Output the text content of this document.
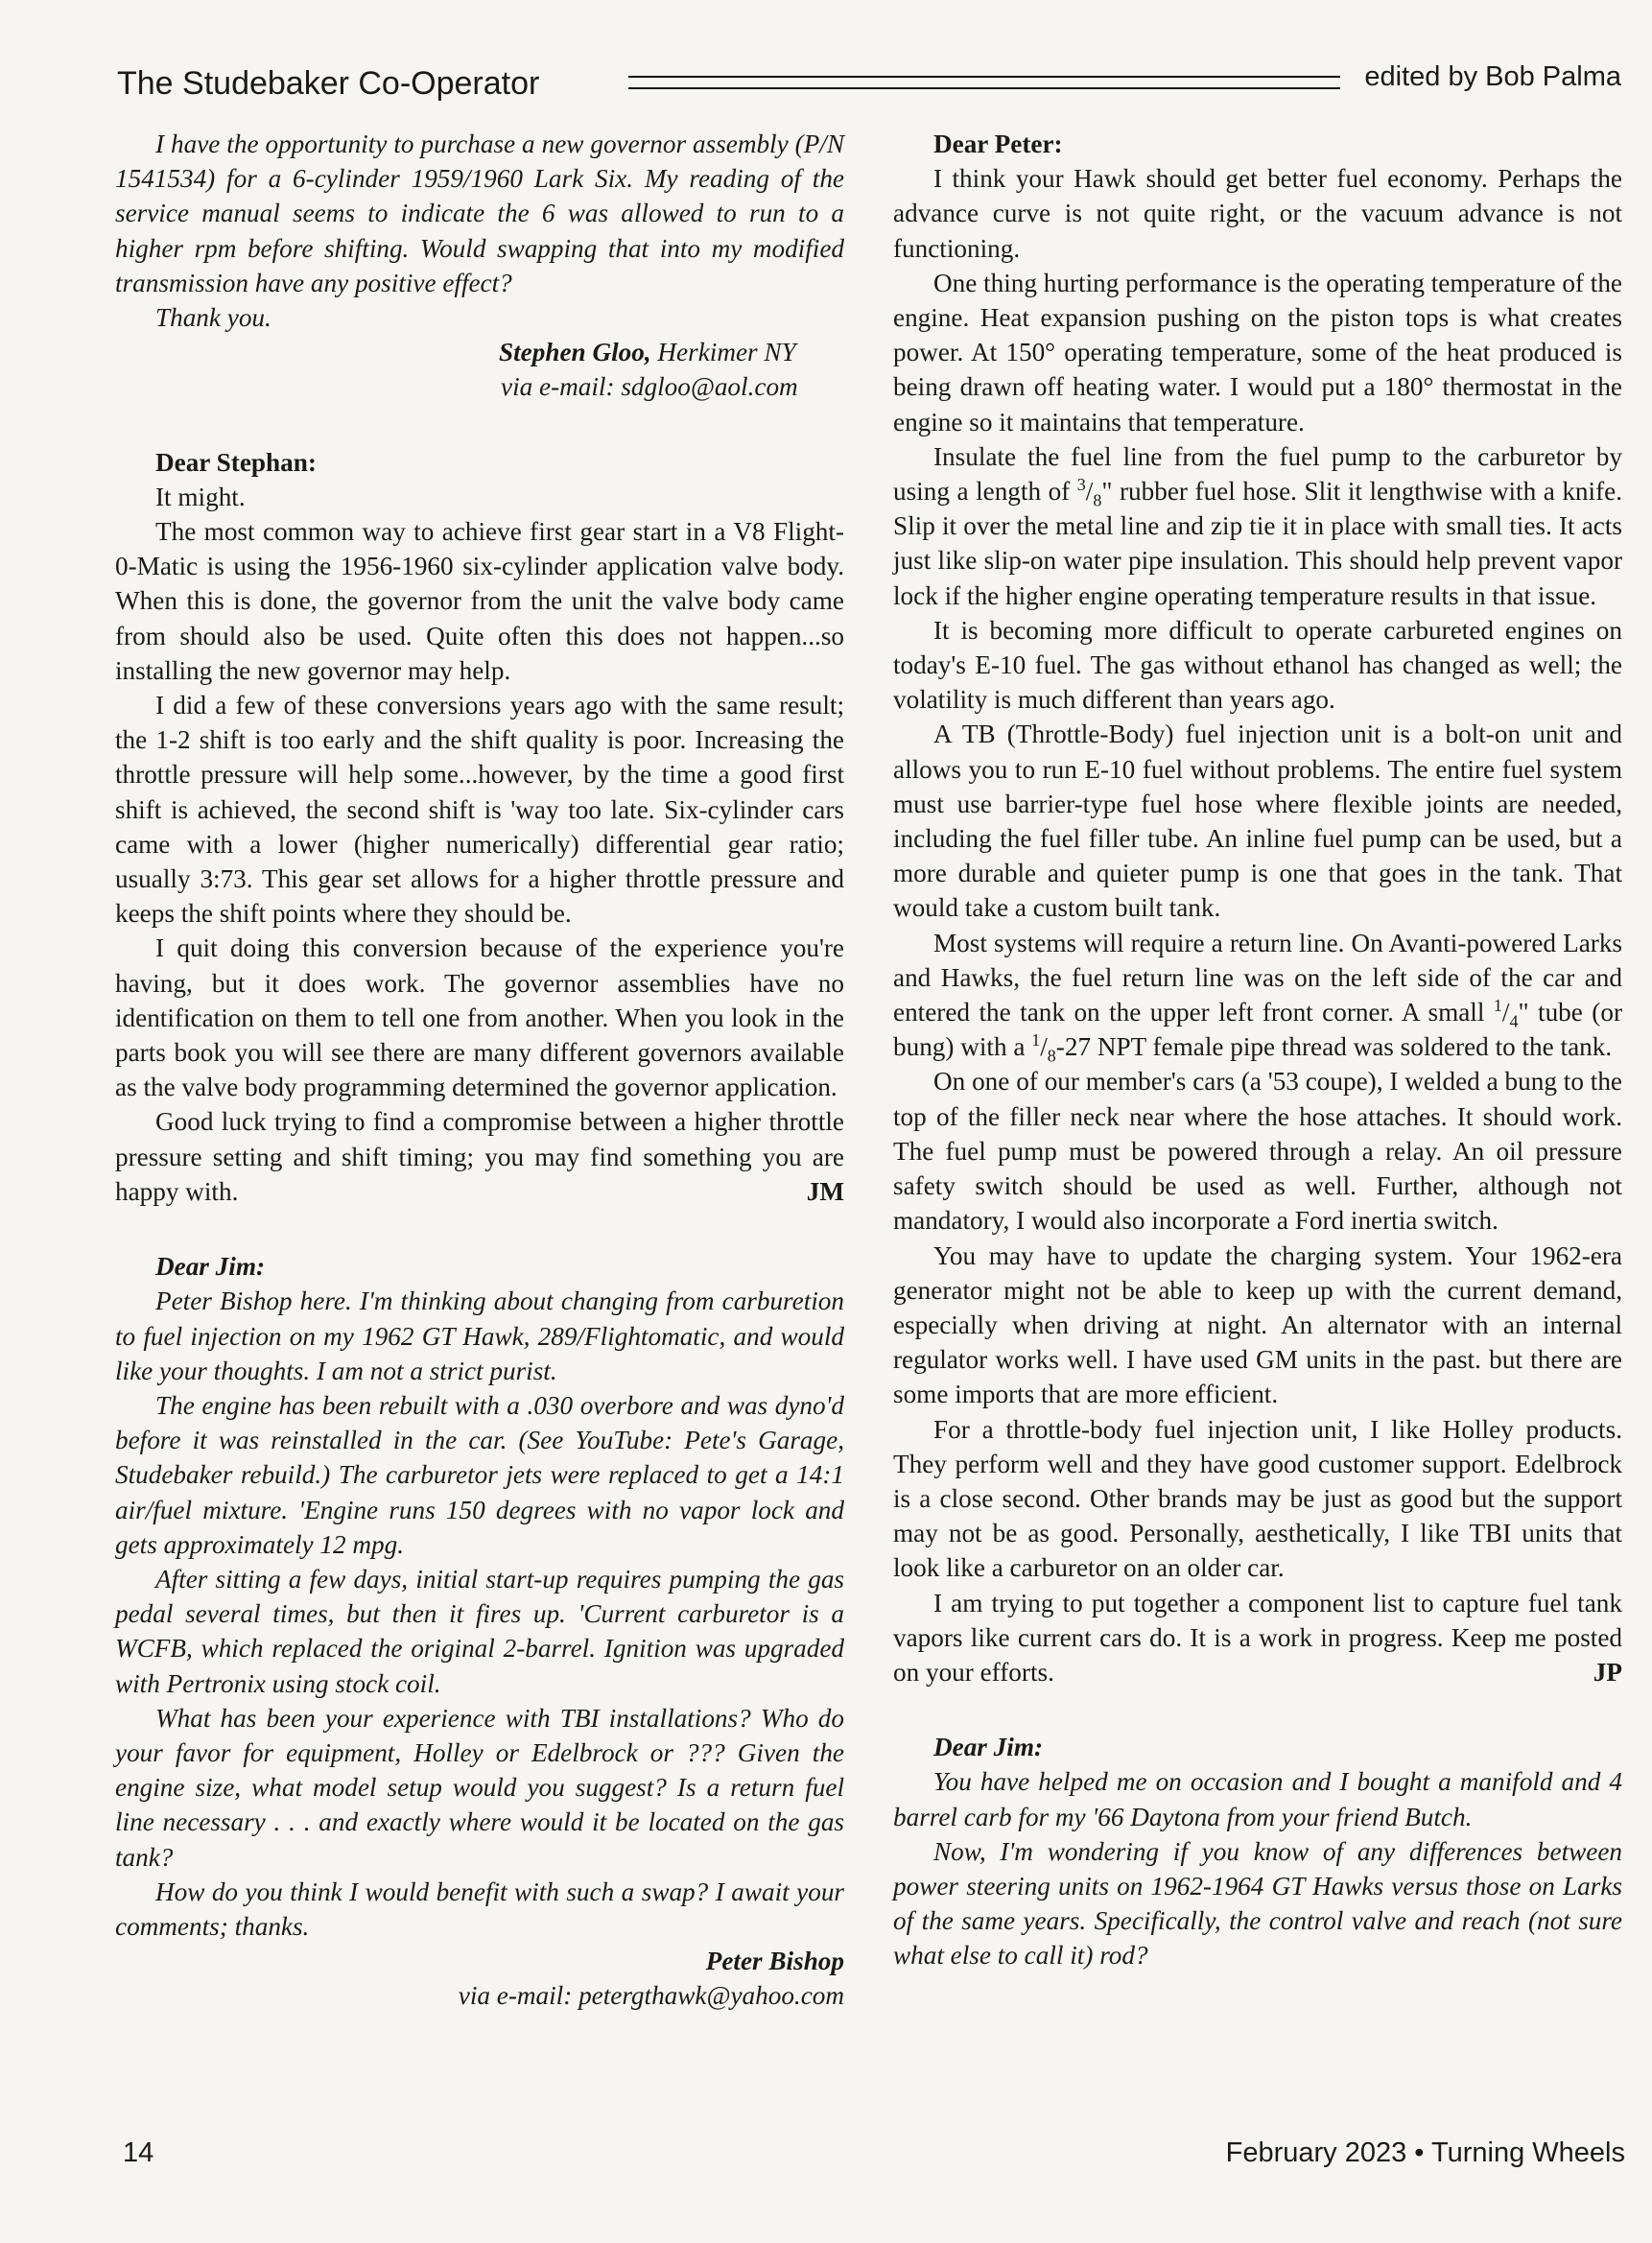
The Studebaker Co-Operator	edited by Bob Palma

I have the opportunity to purchase a new governor assembly (P/N 1541534) for a 6-cylinder 1959/1960 Lark Six. My reading of the service manual seems to indicate the 6 was allowed to run to a higher rpm before shifting. Would swapping that into my modified transmission have any positive effect?

Thank you.

Stephen Gloo, Herkimer NY
via e-mail: sdgloo@aol.com

Dear Stephan:

It might.

The most common way to achieve first gear start in a V8 Flight-0-Matic is using the 1956-1960 six-cylinder application valve body. When this is done, the governor from the unit the valve body came from should also be used. Quite often this does not happen...so installing the new governor may help.

I did a few of these conversions years ago with the same result; the 1-2 shift is too early and the shift quality is poor. Increasing the throttle pressure will help some...however, by the time a good first shift is achieved, the second shift is 'way too late. Six-cylinder cars came with a lower (higher numerically) differential gear ratio; usually 3:73. This gear set allows for a higher throttle pressure and keeps the shift points where they should be.

I quit doing this conversion because of the experience you're having, but it does work. The governor assemblies have no identification on them to tell one from another. When you look in the parts book you will see there are many different governors available as the valve body programming determined the governor application.

Good luck trying to find a compromise between a higher throttle pressure setting and shift timing; you may find something you are happy with.	JM

Dear Jim:

Peter Bishop here. I'm thinking about changing from carburetion to fuel injection on my 1962 GT Hawk, 289/Flightomatic, and would like your thoughts. I am not a strict purist.

The engine has been rebuilt with a .030 overbore and was dyno'd before it was reinstalled in the car. (See YouTube: Pete's Garage, Studebaker rebuild.) The carburetor jets were replaced to get a 14:1 air/fuel mixture. 'Engine runs 150 degrees with no vapor lock and gets approximately 12 mpg.

After sitting a few days, initial start-up requires pumping the gas pedal several times, but then it fires up. 'Current carburetor is a WCFB, which replaced the original 2-barrel. Ignition was upgraded with Pertronix using stock coil.

What has been your experience with TBI installations? Who do your favor for equipment, Holley or Edelbrock or ??? Given the engine size, what model setup would you suggest? Is a return fuel line necessary . . . and exactly where would it be located on the gas tank?

How do you think I would benefit with such a swap? I await your comments; thanks.

Peter Bishop

via e-mail: petergthawk@yahoo.com

Dear Peter:

I think your Hawk should get better fuel economy. Perhaps the advance curve is not quite right, or the vacuum advance is not functioning.

One thing hurting performance is the operating temperature of the engine. Heat expansion pushing on the piston tops is what creates power. At 150° operating temperature, some of the heat produced is being drawn off heating water. I would put a 180° thermostat in the engine so it maintains that temperature.

Insulate the fuel line from the fuel pump to the carburetor by using a length of $^3/_8$" rubber fuel hose. Slit it lengthwise with a knife. Slip it over the metal line and zip tie it in place with small ties. It acts just like slip-on water pipe insulation. This should help prevent vapor lock if the higher engine operating temperature results in that issue.

It is becoming more difficult to operate carbureted engines on today's E-10 fuel. The gas without ethanol has changed as well; the volatility is much different than years ago.

A TB (Throttle-Body) fuel injection unit is a bolt-on unit and allows you to run E-10 fuel without problems. The entire fuel system must use barrier-type fuel hose where flexible joints are needed, including the fuel filler tube. An inline fuel pump can be used, but a more durable and quieter pump is one that goes in the tank. That would take a custom built tank.

Most systems will require a return line. On Avanti-powered Larks and Hawks, the fuel return line was on the left side of the car and entered the tank on the upper left front corner. A small $^1/_4$" tube (or bung) with a $^1/_8-27$ NPT female pipe thread was soldered to the tank.

On one of our member's cars (a '53 coupe), I welded a bung to the top of the filler neck near where the hose attaches. It should work. The fuel pump must be powered through a relay. An oil pressure safety switch should be used as well. Further, although not mandatory, I would also incorporate a Ford inertia switch.

You may have to update the charging system. Your 1962-era generator might not be able to keep up with the current demand, especially when driving at night. An alternator with an internal regulator works well. I have used GM units in the past. but there are some imports that are more efficient.

For a throttle-body fuel injection unit, I like Holley products. They perform well and they have good customer support. Edelbrock is a close second. Other brands may be just as good but the support may not be as good. Personally, aesthetically, I like TBI units that look like a carburetor on an older car.

I am trying to put together a component list to capture fuel tank vapors like current cars do. It is a work in progress. Keep me posted on your efforts.	JP

Dear Jim:

You have helped me on occasion and I bought a manifold and 4 barrel carb for my '66 Daytona from your friend Butch.

Now, I'm wondering if you know of any differences between power steering units on 1962-1964 GT Hawks versus those on Larks of the same years. Specifically, the control valve and reach (not sure what else to call it) rod?

14	February 2023 • Turning Wheels
